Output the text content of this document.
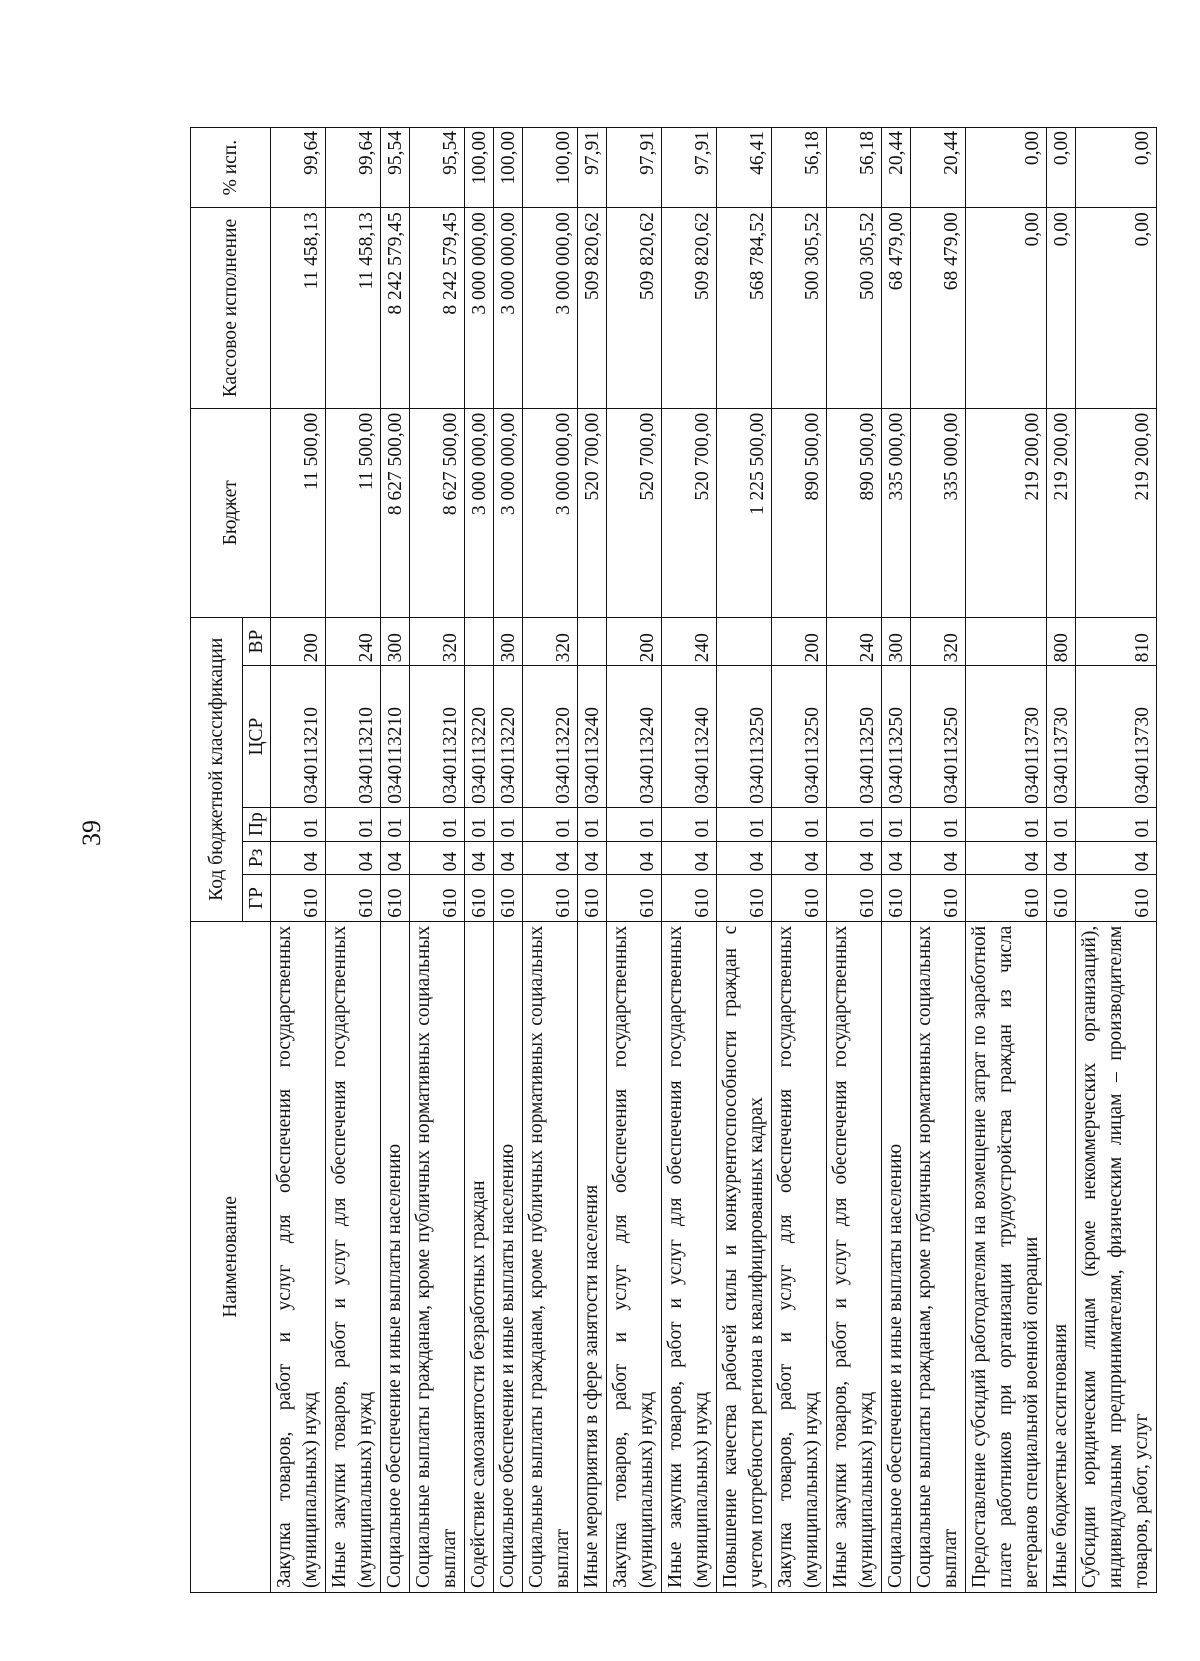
39
Наименование	Код бюджетной классификации					Бюджет	Кассовое исполнение	% исп.
	ГР	Рз	Пр	ЦСР	ВР			
Закупка товаров, работ и услуг для обеспечения государственных (муниципальных) нужд	610	04	01	0340113210	200	11 500,00	11 458,13	99,64
Иные закупки товаров, работ и услуг для обеспечения государственных (муниципальных) нужд	610	04	01	0340113210	240	11 500,00	11 458,13	99,64
Социальное обеспечение и иные выплаты населению	610	04	01	0340113210	300	8 627 500,00	8 242 579,45	95,54
Социальные выплаты гражданам, кроме публичных нормативных социальных выплат	610	04	01	0340113210	320	8 627 500,00	8 242 579,45	95,54
Содействие самозанятости безработных граждан	610	04	01	0340113220		3 000 000,00	3 000 000,00	100,00
Социальное обеспечение и иные выплаты населению	610	04	01	0340113220	300	3 000 000,00	3 000 000,00	100,00
Социальные выплаты гражданам, кроме публичных нормативных социальных выплат	610	04	01	0340113220	320	3 000 000,00	3 000 000,00	100,00
Иные мероприятия в сфере занятости населения	610	04	01	0340113240		520 700,00	509 820,62	97,91
Закупка товаров, работ и услуг для обеспечения государственных (муниципальных) нужд	610	04	01	0340113240	200	520 700,00	509 820,62	97,91
Иные закупки товаров, работ и услуг для обеспечения государственных (муниципальных) нужд	610	04	01	0340113240	240	520 700,00	509 820,62	97,91
Повышение качества рабочей силы и конкурентоспособности граждан с учетом потребности региона в квалифицированных кадрах	610	04	01	0340113250		1 225 500,00	568 784,52	46,41
Закупка товаров, работ и услуг для обеспечения государственных (муниципальных) нужд	610	04	01	0340113250	200	890 500,00	500 305,52	56,18
Иные закупки товаров, работ и услуг для обеспечения государственных (муниципальных) нужд	610	04	01	0340113250	240	890 500,00	500 305,52	56,18
Социальное обеспечение и иные выплаты населению	610	04	01	0340113250	300	335 000,00	68 479,00	20,44
Социальные выплаты гражданам, кроме публичных нормативных социальных выплат	610	04	01	0340113250	320	335 000,00	68 479,00	20,44
Предоставление субсидий работодателям на возмещение затрат по заработной плате работников при организации трудоустройства граждан из числа ветеранов специальной военной операции	610	04	01	0340113730		219 200,00	0,00	0,00
Иные бюджетные ассигнования	610	04	01	0340113730	800	219 200,00	0,00	0,00
Субсидии юридическим лицам (кроме некоммерческих организаций), индивидуальным предпринимателям, физическим лицам – производителям товаров, работ, услуг	610	04	01	0340113730	810	219 200,00	0,00	0,00
